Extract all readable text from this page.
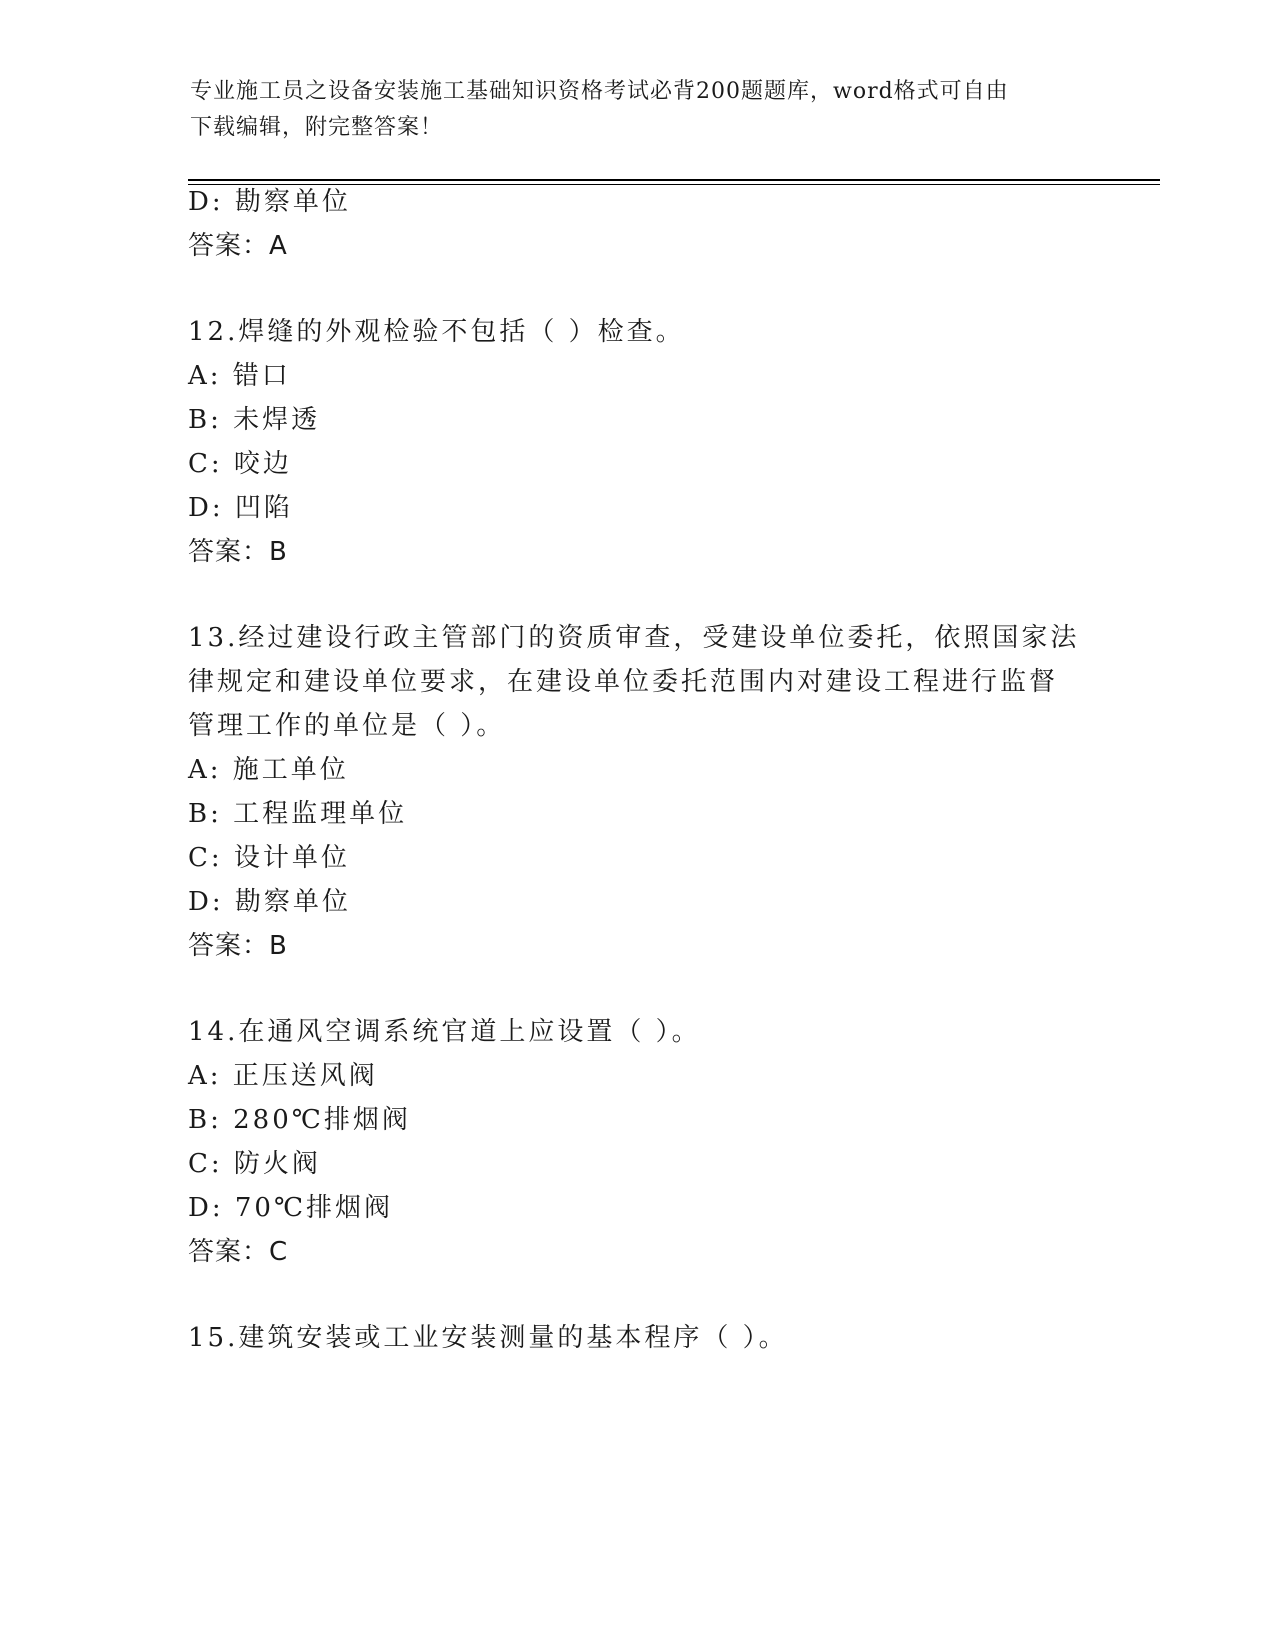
专业施工员之设备安装施工基础知识资格考试必背200题题库，word格式可自由
下载编辑，附完整答案！
D: 勘察单位
答案：A
12.焊缝的外观检验不包括（ ）检查。
A: 错口
B: 未焊透
C: 咬边
D: 凹陷
答案：B
13.经过建设行政主管部门的资质审查，受建设单位委托，依照国家法
律规定和建设单位要求，在建设单位委托范围内对建设工程进行监督
管理工作的单位是（ ）。
A: 施工单位
B: 工程监理单位
C: 设计单位
D: 勘察单位
答案：B
14.在通风空调系统官道上应设置（ ）。
A: 正压送风阀
B: 280℃排烟阀
C: 防火阀
D: 70℃排烟阀
答案：C
15.建筑安装或工业安装测量的基本程序（ ）。
